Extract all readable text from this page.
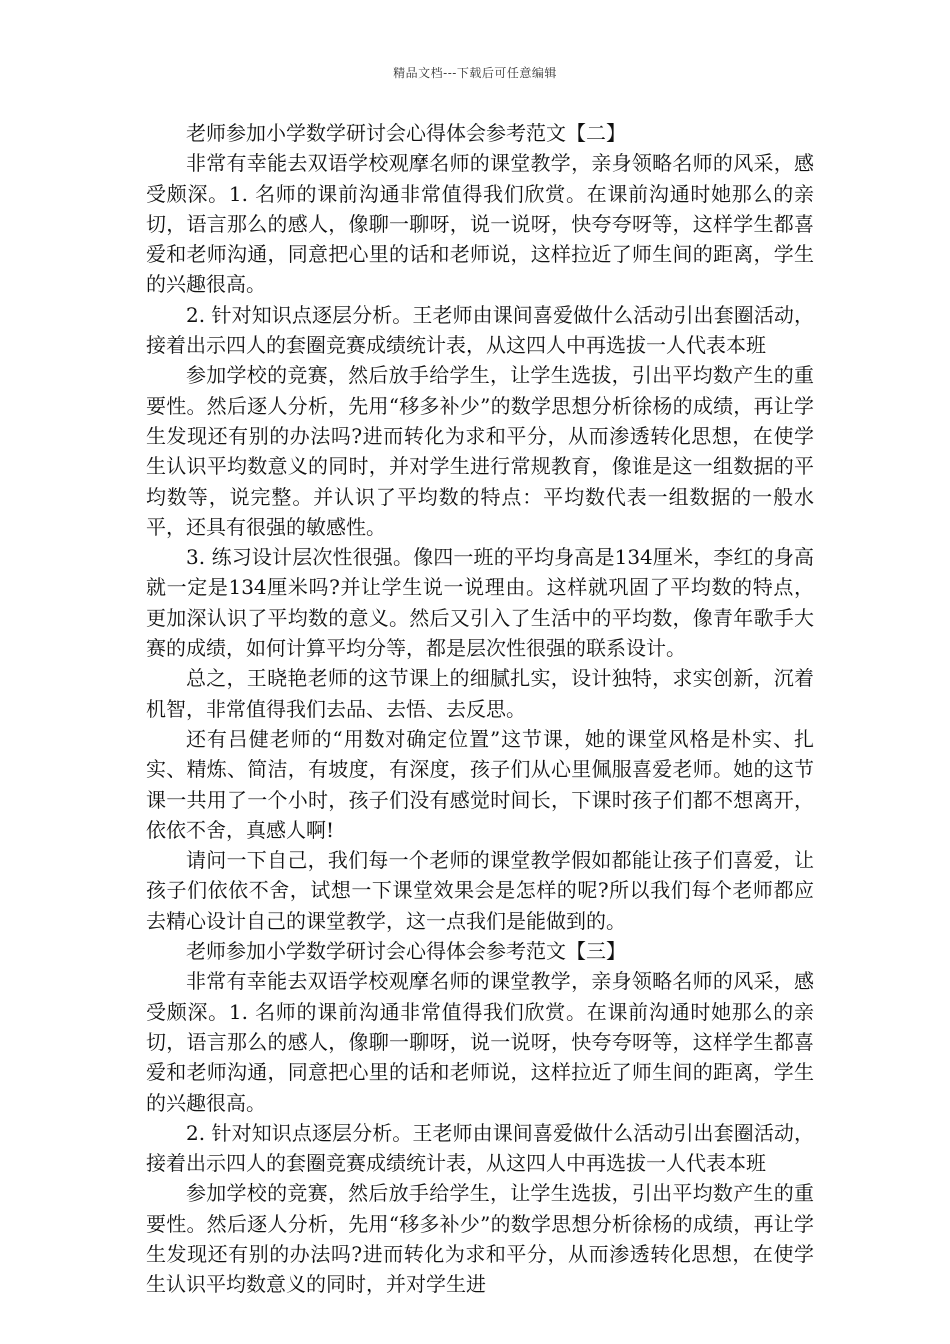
精品文档---下载后可任意编辑

老师参加小学数学研讨会心得体会参考范文【二】

非常有幸能去双语学校观摩名师的课堂教学，亲身领略名师的风采，感受颇深。1. 名师的课前沟通非常值得我们欣赏。在课前沟通时她那么的亲切，语言那么的感人，像聊一聊呀，说一说呀，快夸夸呀等，这样学生都喜爱和老师沟通，同意把心里的话和老师说，这样拉近了师生间的距离，学生的兴趣很高。

2. 针对知识点逐层分析。王老师由课间喜爱做什么活动引出套圈活动，接着出示四人的套圈竞赛成绩统计表，从这四人中再选拔一人代表本班

参加学校的竞赛，然后放手给学生，让学生选拔，引出平均数产生的重要性。然后逐人分析，先用“移多补少”的数学思想分析徐杨的成绩，再让学生发现还有别的办法吗?进而转化为求和平分，从而渗透转化思想，在使学生认识平均数意义的同时，并对学生进行常规教育，像谁是这一组数据的平均数等，说完整。并认识了平均数的特点：平均数代表一组数据的一般水平，还具有很强的敏感性。

3. 练习设计层次性很强。像四一班的平均身高是134厘米，李红的身高就一定是134厘米吗?并让学生说一说理由。这样就巩固了平均数的特点，更加深认识了平均数的意义。然后又引入了生活中的平均数，像青年歌手大赛的成绩，如何计算平均分等，都是层次性很强的联系设计。

总之，王晓艳老师的这节课上的细腻扎实，设计独特，求实创新，沉着机智，非常值得我们去品、去悟、去反思。

还有吕健老师的“用数对确定位置”这节课，她的课堂风格是朴实、扎实、精炼、简洁，有坡度，有深度，孩子们从心里佩服喜爱老师。她的这节课一共用了一个小时，孩子们没有感觉时间长，下课时孩子们都不想离开，依依不舍，真感人啊!

请问一下自己，我们每一个老师的课堂教学假如都能让孩子们喜爱，让孩子们依依不舍，试想一下课堂效果会是怎样的呢?所以我们每个老师都应去精心设计自己的课堂教学，这一点我们是能做到的。

老师参加小学数学研讨会心得体会参考范文【三】

非常有幸能去双语学校观摩名师的课堂教学，亲身领略名师的风采，感受颇深。1. 名师的课前沟通非常值得我们欣赏。在课前沟通时她那么的亲切，语言那么的感人，像聊一聊呀，说一说呀，快夸夸呀等，这样学生都喜爱和老师沟通，同意把心里的话和老师说，这样拉近了师生间的距离，学生的兴趣很高。

2. 针对知识点逐层分析。王老师由课间喜爱做什么活动引出套圈活动，接着出示四人的套圈竞赛成绩统计表，从这四人中再选拔一人代表本班

参加学校的竞赛，然后放手给学生，让学生选拔，引出平均数产生的重要性。然后逐人分析，先用“移多补少”的数学思想分析徐杨的成绩，再让学生发现还有别的办法吗?进而转化为求和平分，从而渗透转化思想，在使学生认识平均数意义的同时，并对学生进
